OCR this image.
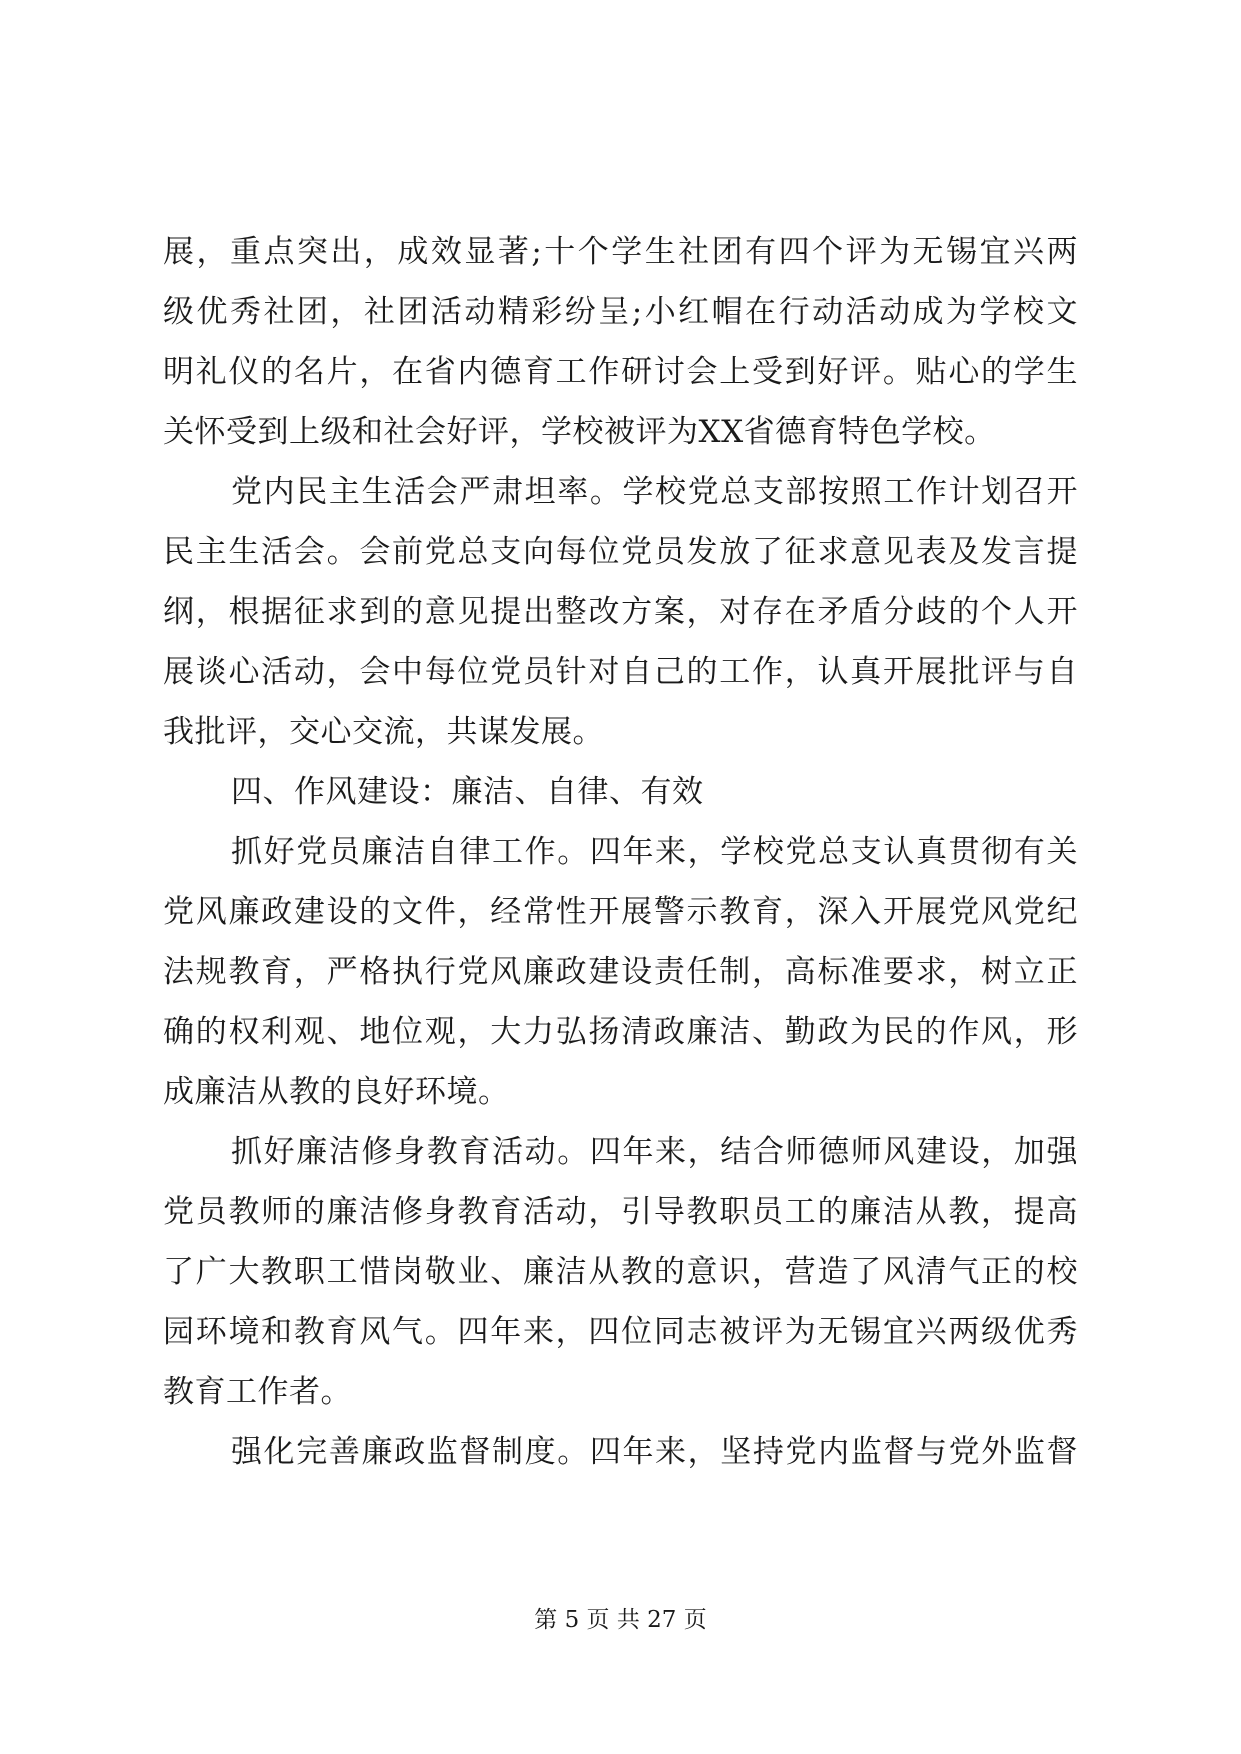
展，重点突出，成效显著;十个学生社团有四个评为无锡宜兴两
级优秀社团，社团活动精彩纷呈;小红帽在行动活动成为学校文
明礼仪的名片，在省内德育工作研讨会上受到好评。贴心的学生
关怀受到上级和社会好评，学校被评为XX省德育特色学校。
党内民主生活会严肃坦率。学校党总支部按照工作计划召开
民主生活会。会前党总支向每位党员发放了征求意见表及发言提
纲，根据征求到的意见提出整改方案，对存在矛盾分歧的个人开
展谈心活动，会中每位党员针对自己的工作，认真开展批评与自
我批评，交心交流，共谋发展。
四、作风建设：廉洁、自律、有效
抓好党员廉洁自律工作。四年来，学校党总支认真贯彻有关
党风廉政建设的文件，经常性开展警示教育，深入开展党风党纪
法规教育，严格执行党风廉政建设责任制，高标准要求，树立正
确的权利观、地位观，大力弘扬清政廉洁、勤政为民的作风，形
成廉洁从教的良好环境。
抓好廉洁修身教育活动。四年来，结合师德师风建设，加强
党员教师的廉洁修身教育活动，引导教职员工的廉洁从教，提高
了广大教职工惜岗敬业、廉洁从教的意识，营造了风清气正的校
园环境和教育风气。四年来，四位同志被评为无锡宜兴两级优秀
教育工作者。
强化完善廉政监督制度。四年来，坚持党内监督与党外监督
第 5 页 共 27 页
